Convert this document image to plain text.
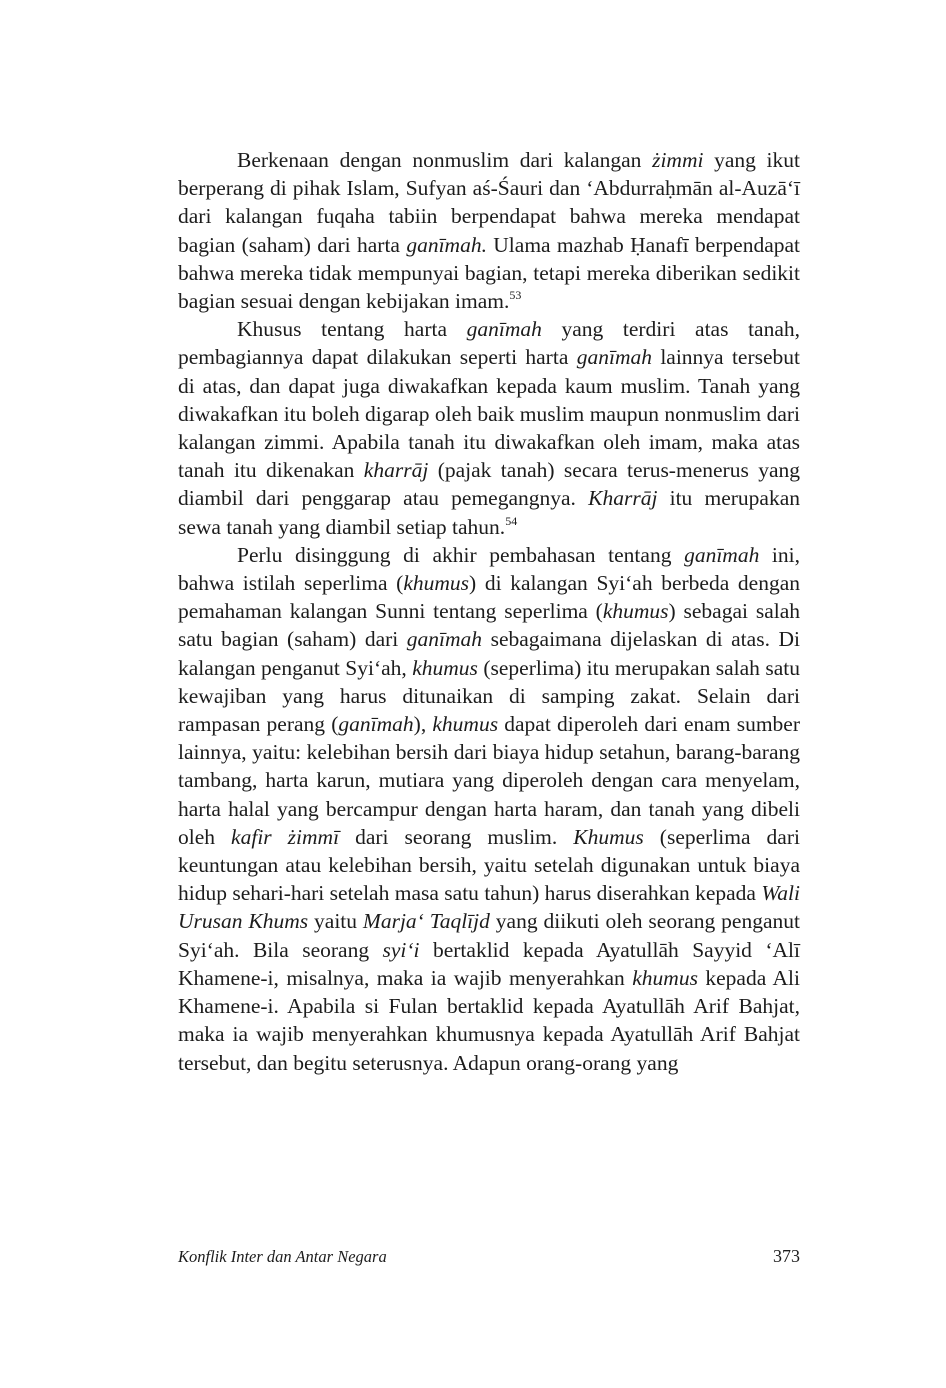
Berkenaan dengan nonmuslim dari kalangan żimmi yang ikut berperang di pihak Islam, Sufyan aś-Śauri dan ‘Abdurraḥmān al-Auzā‘ī dari kalangan fuqaha tabiin berpendapat bahwa mereka mendapat bagian (saham) dari harta ganīmah. Ulama mazhab Ḥanafī berpendapat bahwa mereka tidak mempunyai bagian, tetapi mereka diberikan sedikit bagian sesuai dengan kebijakan imam.$^{53}$

Khusus tentang harta ganīmah yang terdiri atas tanah, pembagiannya dapat dilakukan seperti harta ganīmah lainnya tersebut di atas, dan dapat juga diwakafkan kepada kaum muslim. Tanah yang diwakafkan itu boleh digarap oleh baik muslim maupun nonmuslim dari kalangan zimmi. Apabila tanah itu diwakafkan oleh imam, maka atas tanah itu dikenakan kharrāj (pajak tanah) secara terus-menerus yang diambil dari penggarap atau pemegangnya. Kharrāj itu merupakan sewa tanah yang diambil setiap tahun.$^{54}$

Perlu disinggung di akhir pembahasan tentang ganīmah ini, bahwa istilah seperlima (khumus) di kalangan Syi‘ah berbeda dengan pemahaman kalangan Sunni tentang seperlima (khumus) sebagai salah satu bagian (saham) dari ganīmah sebagaimana dijelaskan di atas. Di kalangan penganut Syi‘ah, khumus (seperlima) itu merupakan salah satu kewajiban yang harus ditunaikan di samping zakat. Selain dari rampasan perang (ganīmah), khumus dapat diperoleh dari enam sumber lainnya, yaitu: kelebihan bersih dari biaya hidup setahun, barang-barang tambang, harta karun, mutiara yang diperoleh dengan cara menyelam, harta halal yang bercampur dengan harta haram, dan tanah yang dibeli oleh kafir żimmī dari seorang muslim. Khumus (seperlima dari keuntungan atau kelebihan bersih, yaitu setelah digunakan untuk biaya hidup sehari-hari setelah masa satu tahun) harus diserahkan kepada Wali Urusan Khums yaitu Marja‘ Taqlījd yang diikuti oleh seorang penganut Syi‘ah. Bila seorang syi‘i bertaklid kepada Ayatullāh Sayyid ‘Alī Khamene-i, misalnya, maka ia wajib menyerahkan khumus kepada Ali Khamene-i. Apabila si Fulan bertaklid kepada Ayatullāh Arif Bahjat, maka ia wajib menyerahkan khumusnya kepada Ayatullāh Arif Bahjat tersebut, dan begitu seterusnya. Adapun orang-orang yang

Konflik Inter dan Antar Negara	373
